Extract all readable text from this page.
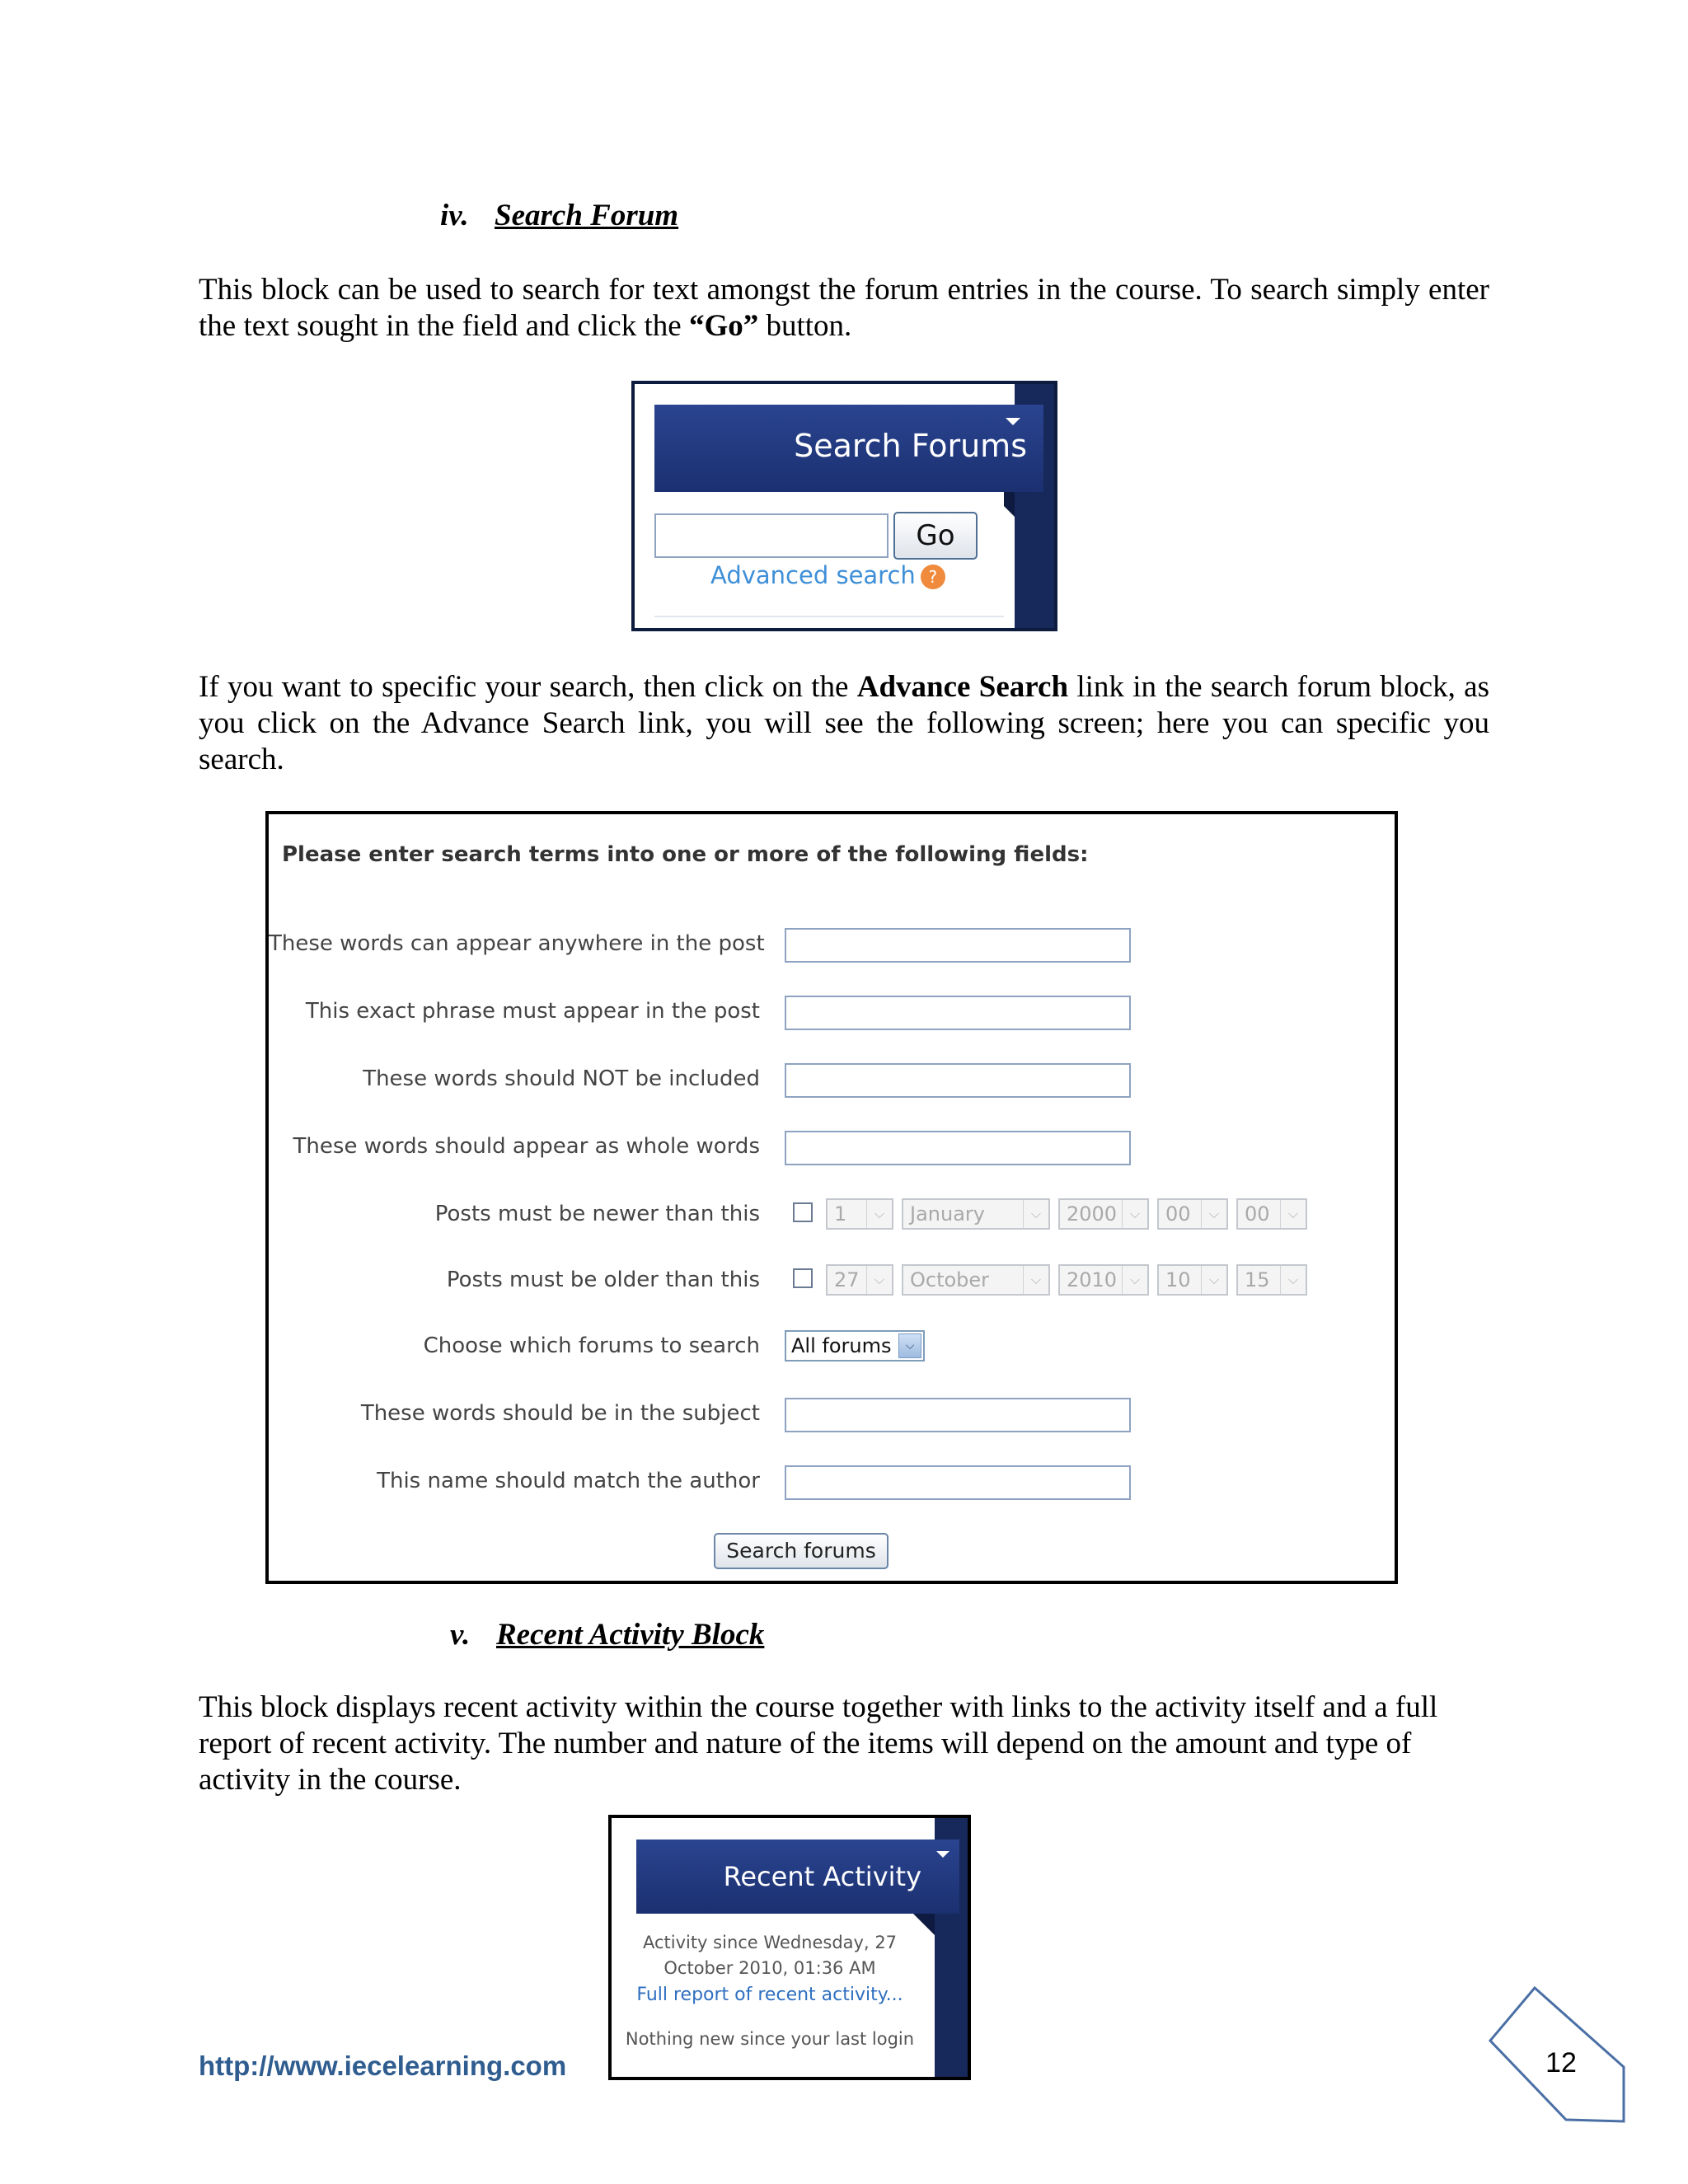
iv. Search Forum
This block can be used to search for text amongst the forum entries in the course. To search simply enter the text sought in the field and click the “Go” button.
Search Forums
Go
Advanced search ?
If you want to specific your search, then click on the Advance Search link in the search forum block, as you click on the Advance Search link, you will see the following screen; here you can specific you search.
Please enter search terms into one or more of the following fields:
These words can appear anywhere in the post
This exact phrase must appear in the post
These words should NOT be included
These words should appear as whole words
Posts must be newer than this	1	⌵	January	⌵	2000 ⌵	00	⌵	00	⌵
Posts must be older than this	27	⌵	October	⌵	2010 ⌵	10	⌵	15	⌵
Choose which forums to search	All forums	⌵
These words should be in the subject
This name should match the author
Search forums
v. Recent Activity Block
This block displays recent activity within the course together with links to the activity itself and a full report of recent activity. The number and nature of the items will depend on the amount and type of activity in the course.
Recent Activity
Activity since Wednesday, 27
October 2010, 01:36 AM
Full report of recent activity...
Nothing new since your last login
http://www.iecelearning.com	12
